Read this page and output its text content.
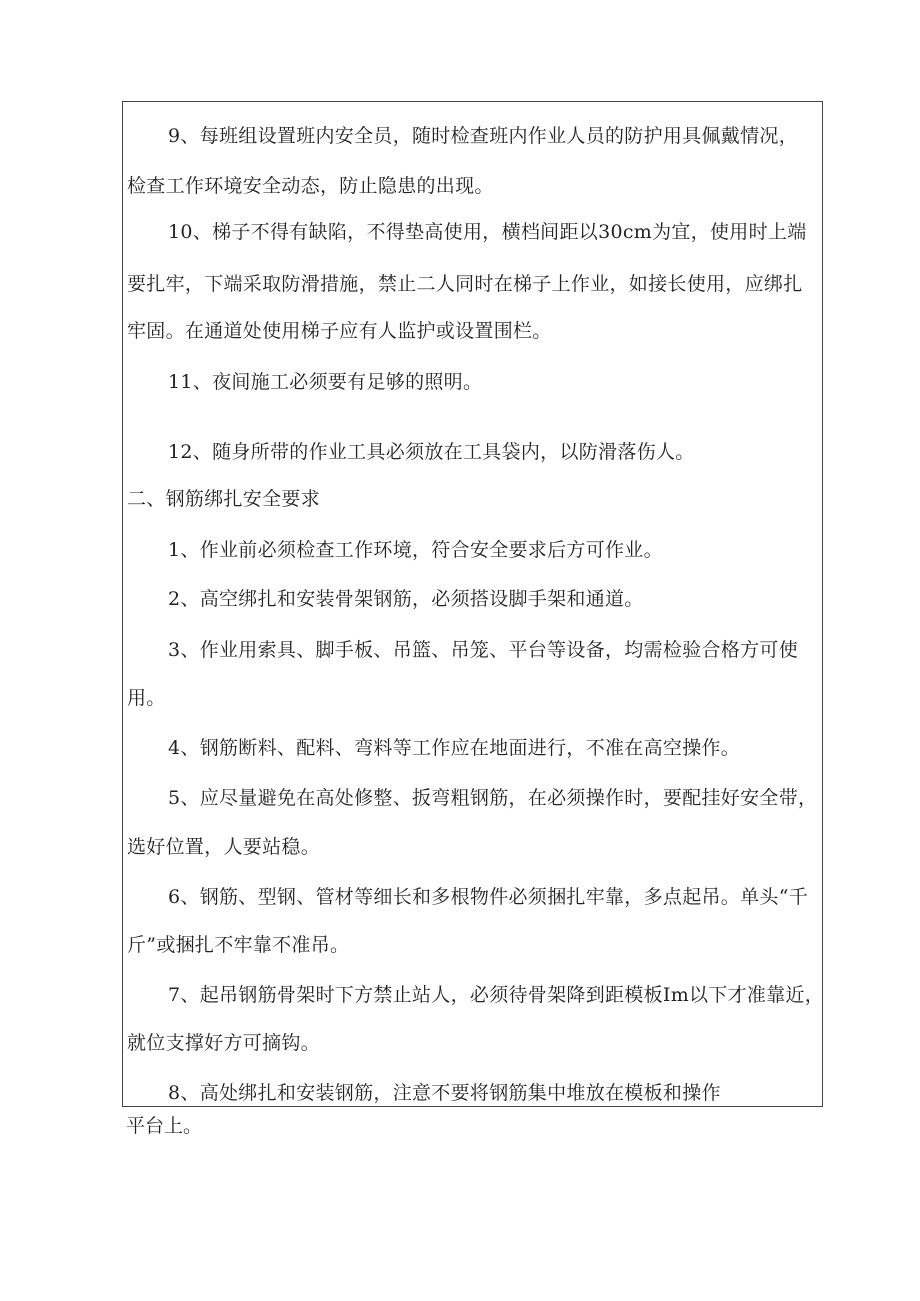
9、每班组设置班内安全员，随时检查班内作业人员的防护用具佩戴情况，
检查工作环境安全动态，防止隐患的出现。
10、梯子不得有缺陷，不得垫高使用，横档间距以30cm为宜，使用时上端
要扎牢，下端采取防滑措施，禁止二人同时在梯子上作业，如接长使用，应绑扎
牢固。在通道处使用梯子应有人监护或设置围栏。
11、夜间施工必须要有足够的照明。
12、随身所带的作业工具必须放在工具袋内，以防滑落伤人。
二、钢筋绑扎安全要求
1、作业前必须检查工作环境，符合安全要求后方可作业。
2、高空绑扎和安装骨架钢筋，必须搭设脚手架和通道。
3、作业用索具、脚手板、吊篮、吊笼、平台等设备，均需检验合格方可使
用。
4、钢筋断料、配料、弯料等工作应在地面进行，不准在高空操作。
5、应尽量避免在高处修整、扳弯粗钢筋，在必须操作时，要配挂好安全带，
选好位置，人要站稳。
6、钢筋、型钢、管材等细长和多根物件必须捆扎牢靠，多点起吊。单头“千
斤”或捆扎不牢靠不准吊。
7、起吊钢筋骨架时下方禁止站人，必须待骨架降到距模板Im以下才准靠近，
就位支撑好方可摘钩。
8、高处绑扎和安装钢筋，注意不要将钢筋集中堆放在模板和操作
平台上。
